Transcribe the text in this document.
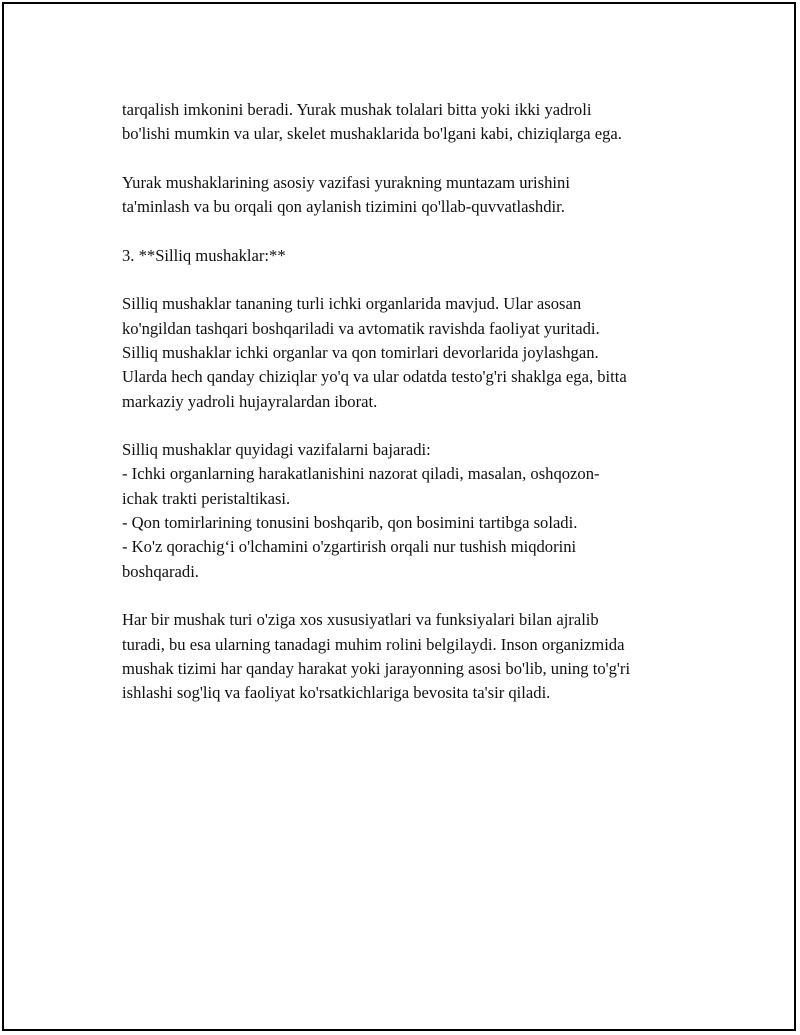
tarqalish imkonini beradi. Yurak mushak tolalari bitta yoki ikki yadroli
bo'lishi mumkin va ular, skelet mushaklarida bo'lgani kabi, chiziqlarga ega.
Yurak mushaklarining asosiy vazifasi yurakning muntazam urishini
ta'minlash va bu orqali qon aylanish tizimini qo'llab-quvvatlashdir.
3. **Silliq mushaklar:**
Silliq mushaklar tananing turli ichki organlarida mavjud. Ular asosan
ko'ngildan tashqari boshqariladi va avtomatik ravishda faoliyat yuritadi.
Silliq mushaklar ichki organlar va qon tomirlari devorlarida joylashgan.
Ularda hech qanday chiziqlar yo'q va ular odatda testo'g'ri shaklga ega, bitta
markaziy yadroli hujayralardan iborat.
Silliq mushaklar quyidagi vazifalarni bajaradi:
- Ichki organlarning harakatlanishini nazorat qiladi, masalan, oshqozon-
ichak trakti peristaltikasi.
- Qon tomirlarining tonusini boshqarib, qon bosimini tartibga soladi.
- Ko'z qorachig‘i o'lchamini o'zgartirish orqali nur tushish miqdorini
boshqaradi.
Har bir mushak turi o'ziga xos xususiyatlari va funksiyalari bilan ajralib
turadi, bu esa ularning tanadagi muhim rolini belgilaydi. Inson organizmida
mushak tizimi har qanday harakat yoki jarayonning asosi bo'lib, uning to'g'ri
ishlashi sog'liq va faoliyat ko'rsatkichlariga bevosita ta'sir qiladi.
